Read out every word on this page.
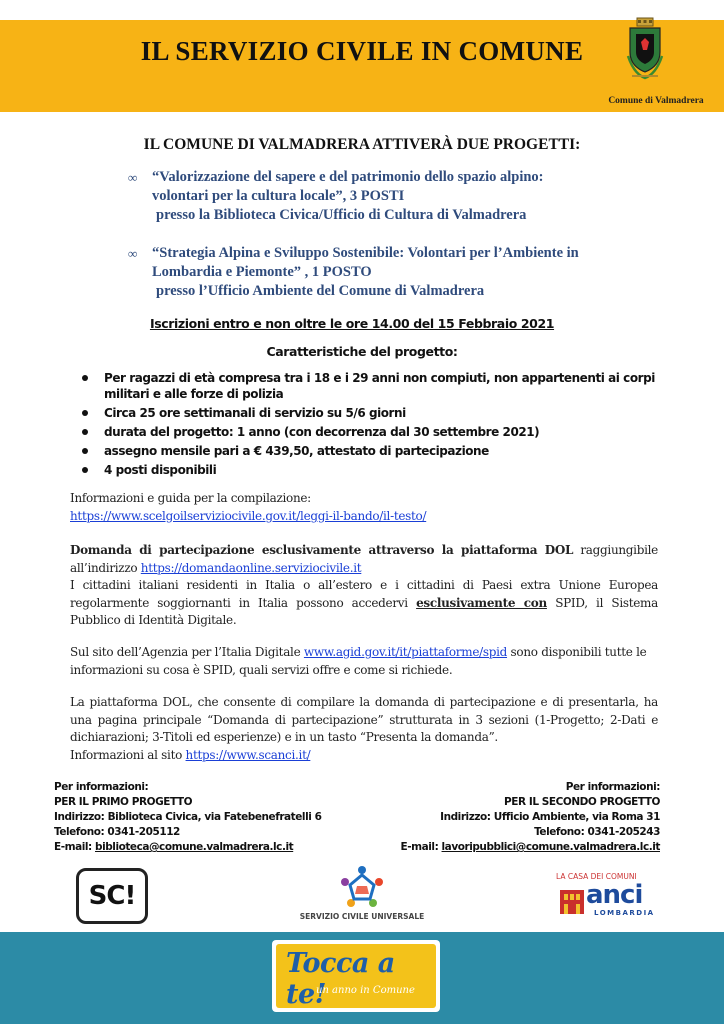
IL SERVIZIO CIVILE IN COMUNE
Comune di Valmadrera
IL COMUNE DI VALMADRERA ATTIVERÀ DUE PROGETTI:
∞ “Valorizzazione del sapere e del patrimonio dello spazio alpino:
volontari per la cultura locale”, 3 POSTI
presso la Biblioteca Civica/Ufficio di Cultura di Valmadrera
∞ “Strategia Alpina e Sviluppo Sostenibile: Volontari per l’Ambiente in
Lombardia e Piemonte” , 1 POSTO
presso l’Ufficio Ambiente del Comune di Valmadrera
Iscrizioni entro e non oltre le ore 14.00 del 15 Febbraio 2021
Caratteristiche del progetto:
Per ragazzi di età compresa tra i 18 e i 29 anni non compiuti, non appartenenti ai corpi militari e alle forze di polizia
Circa 25 ore settimanali di servizio su 5/6 giorni
durata del progetto: 1 anno (con decorrenza dal 30 settembre 2021)
assegno mensile pari a € 439,50, attestato di partecipazione
4 posti disponibili
Informazioni e guida per la compilazione:
https://www.scelgoilserviziocivile.gov.it/leggi-il-bando/il-testo/
Domanda di partecipazione esclusivamente attraverso la piattaforma DOL raggiungibile all’indirizzo https://domandaonline.serviziocivile.it
I cittadini italiani residenti in Italia o all’estero e i cittadini di Paesi extra Unione Europea regolarmente soggiornanti in Italia possono accedervi esclusivamente con SPID, il Sistema Pubblico di Identità Digitale.
Sul sito dell’Agenzia per l’Italia Digitale www.agid.gov.it/it/piattaforme/spid sono disponibili tutte le informazioni su cosa è SPID, quali servizi offre e come si richiede.
La piattaforma DOL, che consente di compilare la domanda di partecipazione e di presentarla, ha una pagina principale “Domanda di partecipazione” strutturata in 3 sezioni (1-Progetto; 2-Dati e dichiarazioni; 3-Titoli ed esperienze) e in un tasto “Presenta la domanda”.
Informazioni al sito https://www.scanci.it/
Per informazioni:
PER IL PRIMO PROGETTO
Indirizzo: Biblioteca Civica, via Fatebenefratelli 6
Telefono: 0341-205112
E-mail: biblioteca@comune.valmadrera.lc.it
Per informazioni:
PER IL SECONDO PROGETTO
Indirizzo: Ufficio Ambiente, via Roma 31
Telefono: 0341-205243
E-mail: lavoripubblici@comune.valmadrera.lc.it
SC!
SERVIZIO CIVILE UNIVERSALE
LA CASA DEI COMUNI
anci
LOMBARDIA
Tocca a te!
un anno in Comune
